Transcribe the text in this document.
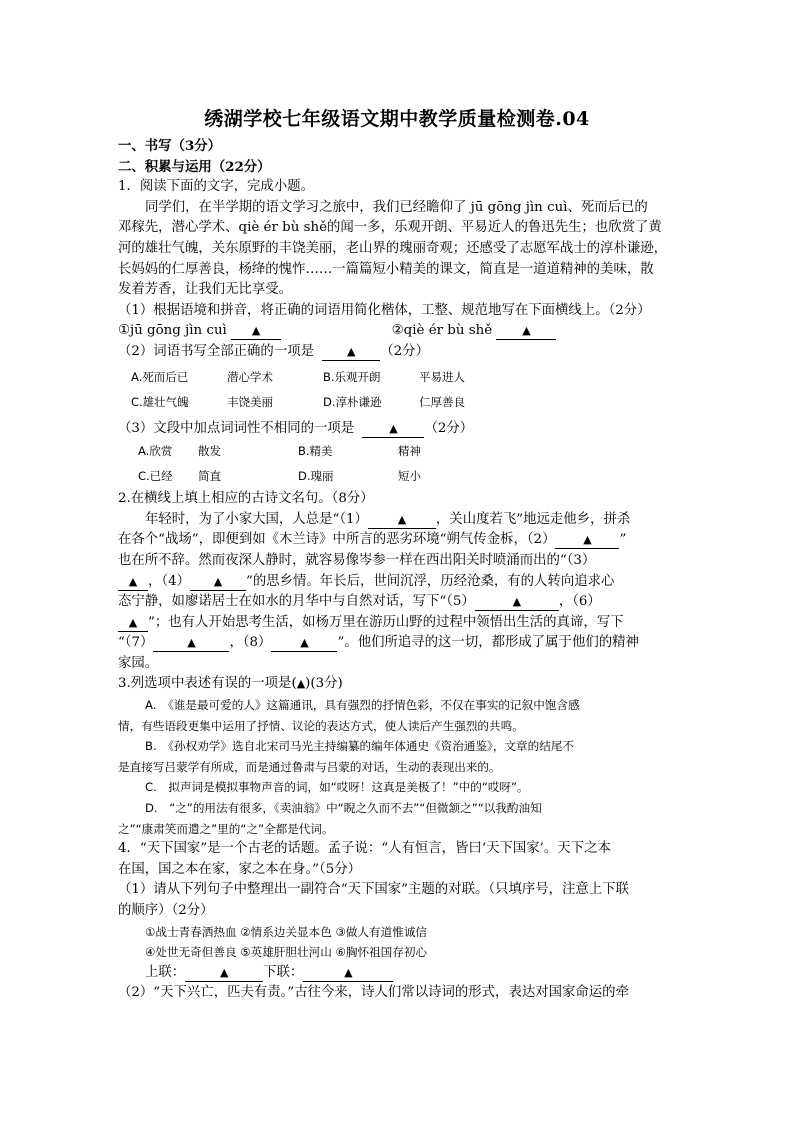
绣湖学校七年级语文期中教学质量检测卷.04
一、书写（3分）
二、积累与运用（22分）
1．阅读下面的文字，完成小题。
同学们，在半学期的语文学习之旅中，我们已经瞻仰了 jū gōng jìn cuì、死而后已的
邓稼先，潜心学术、qiè ér bù shě的闻一多，乐观开朗、平易近人的鲁迅先生；也欣赏了黄
河的雄壮气魄，关东原野的丰饶美丽，老山界的瑰丽奇观；还感受了志愿军战士的淳朴谦逊，
长妈妈的仁厚善良，杨绛的愧怍……一篇篇短小精美的课文，简直是一道道精神的美味，散
发着芳香，让我们无比享受。
（1）根据语境和拼音，将正确的词语用简化楷体，工整、规范地写在下面横线上。（2分）
①jū gōng jìn cuì ▲	②qiè ér bù shě	▲
（2）词语书写全部正确的一项是	▲ （2分）
A.死而后已	潜心学术	B.乐观开朗	平易进人
C.雄壮气魄	丰饶美丽	D.淳朴谦逊	仁厚善良
（3）文段中加点词词性不相同的一项是	▲ （2分）
A.欣赏 散发	B.精美	精神
C.已经 简直	D.瑰丽	短小
2.在横线上填上相应的古诗文名句。（8分）
年轻时，为了小家大国，人总是“（1）	▲ ，关山度若飞”地远走他乡，拼杀
在各个“战场”，即便到如《木兰诗》中所言的恶劣环境“朔气传金柝，（2）	▲ ”
也在所不辞。然而夜深人静时，就容易像岑参一样在西出阳关时喷涌而出的“（3）
▲ ，（4） ▲ ”的思乡情。年长后，世间沉浮，历经沧桑，有的人转向追求心
态宁静，如廖诺居士在如水的月华中与自然对话，写下“（5）	▲	，（6）
▲ ”；也有人开始思考生活，如杨万里在游历山野的过程中领悟出生活的真谛，写下
“（7）	▲	，（8）	▲ ”。他们所追寻的这一切，都形成了属于他们的精神
家园。
3.列选项中表述有误的一项是(▲)(3分)
A.　《谁是最可爱的人》这篇通讯，具有强烈的抒情色彩，不仅在事实的记叙中饱含感
情，有些语段更集中运用了抒情、议论的表达方式，使人读后产生强烈的共鸣。
B.　《孙权劝学》选自北宋司马光主持编纂的编年体通史《资治通鉴》，文章的结尾不
是直接写吕蒙学有所成，而是通过鲁肃与吕蒙的对话，生动的表现出来的。
C.　拟声词是模拟事物声音的词，如“哎呀！这真是美极了！”中的“哎呀”。
D.　“之”的用法有很多，《卖油翁》中“睨之久而不去”“但微颔之”“以我酌油知
之”“康肃笑而遣之”里的“之”全都是代词。
4．“天下国家”是一个古老的话题。孟子说：“人有恒言，皆曰‘天下国家’。天下之本
在国，国之本在家，家之本在身。”（5分）
（1）请从下列句子中整理出一副符合“天下国家”主题的对联。（只填序号，注意上下联
的顺序）（2分）
①战士青春洒热血 ②情系边关显本色 ③做人有道惟诚信
④处世无奇但善良 ⑤英雄肝胆壮河山 ⑥胸怀祖国存初心
上联：	▲	下联：	▲
（2）“天下兴亡，匹夫有责。”古往今来，诗人们常以诗词的形式，表达对国家命运的牵
